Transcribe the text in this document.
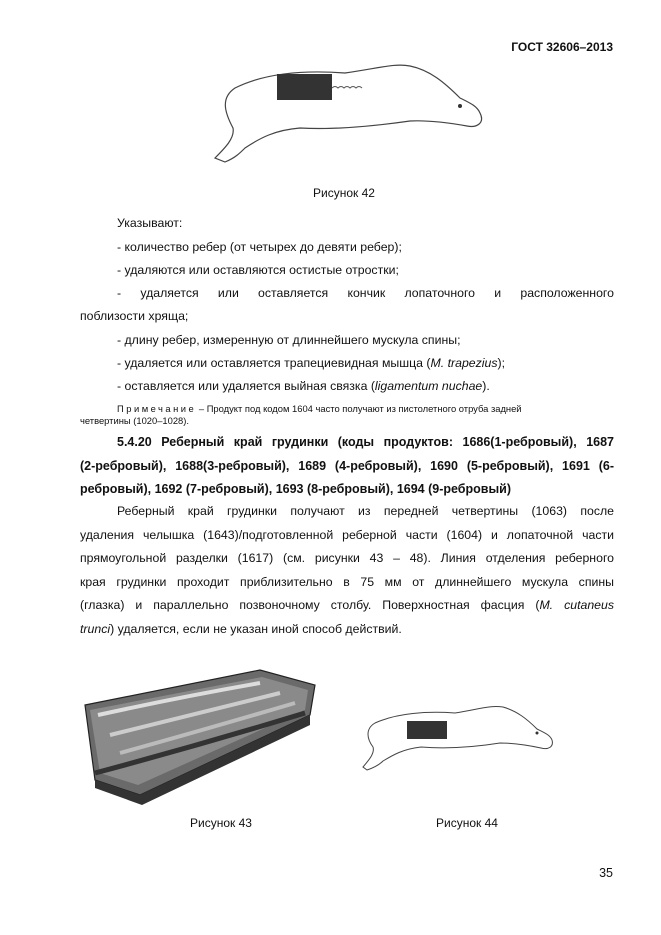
ГОСТ 32606–2013
Рисунок 42
Указывают:
- количество ребер (от четырех до девяти ребер);
- удаляются или оставляются остистые отростки;
- удаляется или оставляется кончик лопаточного и расположенного
поблизости хряща;
- длину ребер, измеренную от длиннейшего мускула спины;
- удаляется или оставляется трапециевидная мышца (M. trapezius);
- оставляется или удаляется выйная связка (ligamentum nuchae).
Примечание – Продукт под кодом 1604 часто получают из пистолетного отруба задней
четвертины (1020–1028).
5.4.20 Реберный край грудинки (коды продуктов: 1686(1-ребровый), 1687
(2-ребровый), 1688(3-ребровый), 1689 (4-ребровый), 1690 (5-ребровый), 1691 (6-
ребровый), 1692 (7-ребровый), 1693 (8-ребровый), 1694 (9-ребровый)
Реберный край грудинки получают из передней четвертины (1063) после
удаления челышка (1643)/подготовленной реберной части (1604) и лопаточной части
прямоугольной разделки (1617) (см. рисунки 43 – 48). Линия отделения реберного
края грудинки проходит приблизительно в 75 мм от длиннейшего мускула спины
(глазка) и параллельно позвоночному столбу. Поверхностная фасция (M. cutaneus
trunci) удаляется, если не указан иной способ действий.
Рисунок 43	Рисунок 44
35
